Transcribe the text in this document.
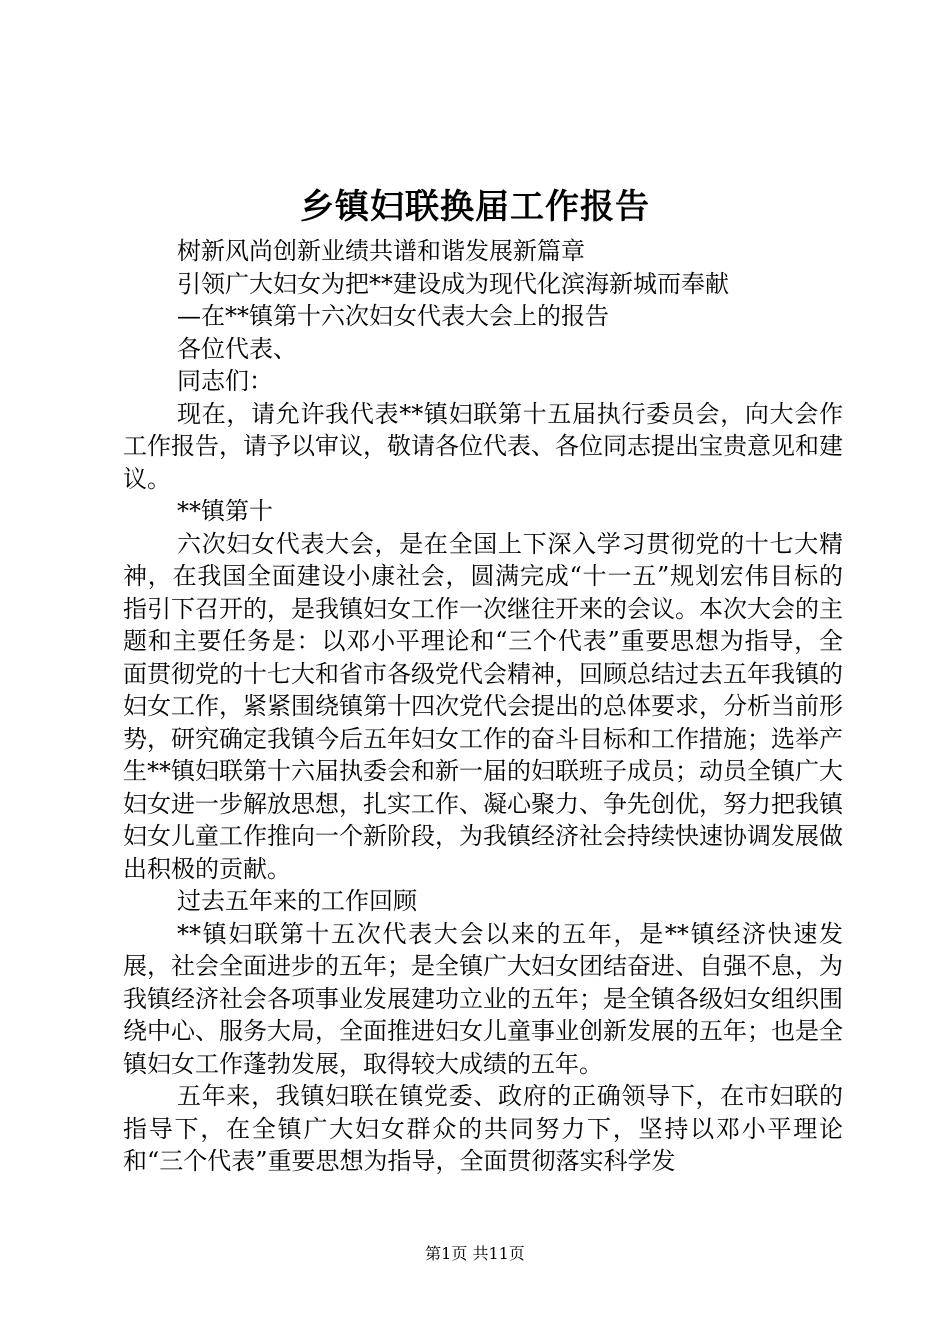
乡镇妇联换届工作报告
树新风尚创新业绩共谱和谐发展新篇章
引领广大妇女为把**建设成为现代化滨海新城而奉献
—在**镇第十六次妇女代表大会上的报告
各位代表、
同志们：

现在，请允许我代表**镇妇联第十五届执行委员会，向大会作工作报告，请予以审议，敬请各位代表、各位同志提出宝贵意见和建议。

**镇第十

六次妇女代表大会，是在全国上下深入学习贯彻党的十七大精神，在我国全面建设小康社会，圆满完成“十一五”规划宏伟目标的指引下召开的，是我镇妇女工作一次继往开来的会议。本次大会的主题和主要任务是：以邓小平理论和“三个代表”重要思想为指导，全面贯彻党的十七大和省市各级党代会精神，回顾总结过去五年我镇的妇女工作，紧紧围绕镇第十四次党代会提出的总体要求，分析当前形势，研究确定我镇今后五年妇女工作的奋斗目标和工作措施；选举产生**镇妇联第十六届执委会和新一届的妇联班子成员；动员全镇广大妇女进一步解放思想，扎实工作、凝心聚力、争先创优，努力把我镇妇女儿童工作推向一个新阶段，为我镇经济社会持续快速协调发展做出积极的贡献。

过去五年来的工作回顾

**镇妇联第十五次代表大会以来的五年，是**镇经济快速发展，社会全面进步的五年；是全镇广大妇女团结奋进、自强不息，为我镇经济社会各项事业发展建功立业的五年；是全镇各级妇女组织围绕中心、服务大局，全面推进妇女儿童事业创新发展的五年；也是全镇妇女工作蓬勃发展，取得较大成绩的五年。

五年来，我镇妇联在镇党委、政府的正确领导下，在市妇联的指导下，在全镇广大妇女群众的共同努力下，坚持以邓小平理论和“三个代表”重要思想为指导，全面贯彻落实科学发

第1页 共11页
